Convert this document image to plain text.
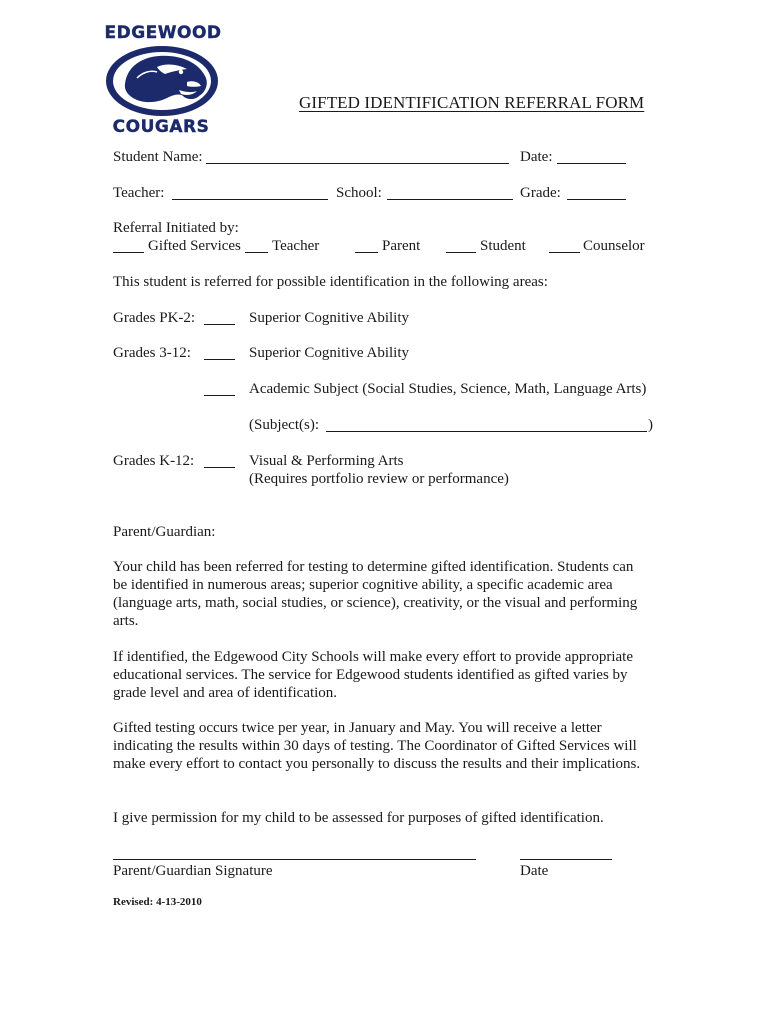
EDGEWOOD
COUGARS
GIFTED IDENTIFICATION REFERRAL FORM
Student Name:	Date:
Teacher:	School:	Grade:
Referral Initiated by:
Gifted Services Teacher	Parent	Student	Counselor
This student is referred for possible identification in the following areas:
Grades PK-2:	Superior Cognitive Ability
Grades 3-12:	Superior Cognitive Ability
Academic Subject (Social Studies, Science, Math, Language Arts)
(Subject(s):	)
Grades K-12:	Visual & Performing Arts
(Requires portfolio review or performance)
Parent/Guardian:
Your child has been referred for testing to determine gifted identification. Students can be identified in numerous areas; superior cognitive ability, a specific academic area (language arts, math, social studies, or science), creativity, or the visual and performing arts.
If identified, the Edgewood City Schools will make every effort to provide appropriate educational services. The service for Edgewood students identified as gifted varies by grade level and area of identification.
Gifted testing occurs twice per year, in January and May. You will receive a letter indicating the results within 30 days of testing. The Coordinator of Gifted Services will make every effort to contact you personally to discuss the results and their implications.
I give permission for my child to be assessed for purposes of gifted identification.
Parent/Guardian Signature	Date
Revised: 4-13-2010
